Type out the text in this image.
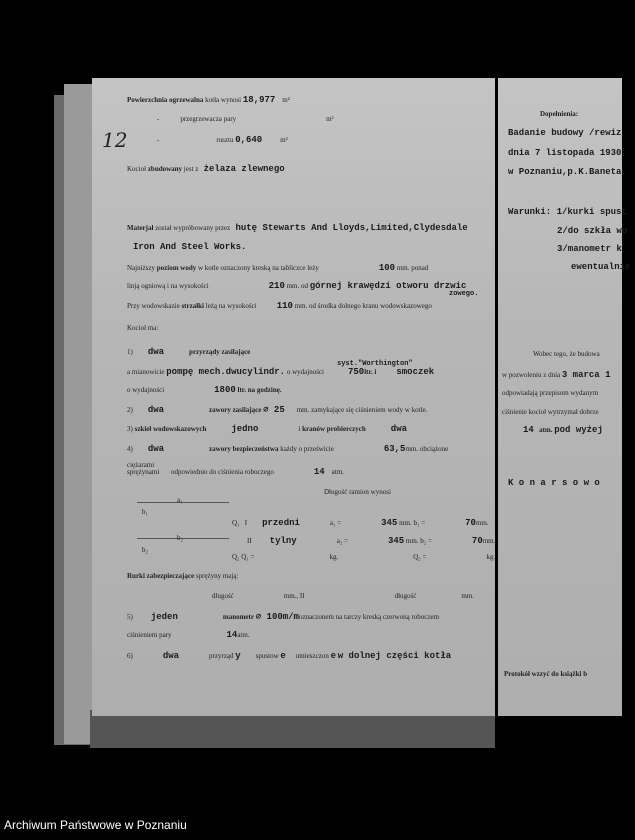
12
Powierzchnia ogrzewalna kotła wynosi 18,977 m²
-	przegrzewacza pary	m²
-	rusztu 0,640	m²
Kocioł zbudowany jest z żelaza zlewnego
Materjał został wypróbowany przez hutę Stewarts And Lloyds,Limited,Clydesdale
Iron And Steel Works.
Najniższy poziom wody w kotle oznaczony kreską na tabliczce leży	100 mm. ponad
linją ogniową i na wysokości	210 mm. od górnej krawędzi otworu drzwic
zowego.
Przy wodowskazie strzałki leżą na wysokości 110 mm. od środka dolnego kranu wodowskazowego
Kocioł ma:
1) dwa	przyrządy zasilające
syst."Worthington"
a mianowicie pompę mech.dwucylindr. o wydajności	750ltr. i smoczek
o wydajności	1800 ltr. na godzinę.
2) dwa	zawory zasilające ⌀ 25 mm. zamykające się ciśnieniem wody w kotle.
3) szkieł wodowskazowych	jedno	i kranów probierczych	dwa
4) dwa	zawory bezpieczeństwa każdy o prześwicie	63,5mm. obciążone
ciężarami
sprężynami odpowiednio do ciśnienia roboczego	14 atm.
Długość ramion wynosi
a₁
b₁
Q₁ I przedni	a₁ =	345 mm. b₁ =	70mm.
b₂	II tylny	a₂ =	345 mm. b₂ =	70mm.
b₂
Q₂ Q₁ =	kg.	Q₂ =	kg.
Rurki zabezpieczające sprężyny mają:
długość	mm., II	długość	mm.
5) jeden	manometr ⌀ 100m/moznaczonem na tarczy kreską czerwoną roboczem
ciśnieniem pary	14atm.
6)	dwa	przyrząd y spustow e umieszczon e w dolnej części kotła
Dopełnienia:
Badanie budowy /rewiz
dnia 7 listopada 1930,
w Poznaniu,p.K.Baneta.
Warunki: 1/kurki spust
2/do szkła wo
3/manometr k
ewentualnie
Wobec tego, że budowa
w pozwoleniu z dnia 3 marca 1
odpowiadają przepisom wydanym
ciśnienie kocioł wytrzymał dobrze
14 atm. pod wyżej
K o n a r s o w o
Protokół wzzyć do książki b
Archiwum Państwowe w Poznaniu
